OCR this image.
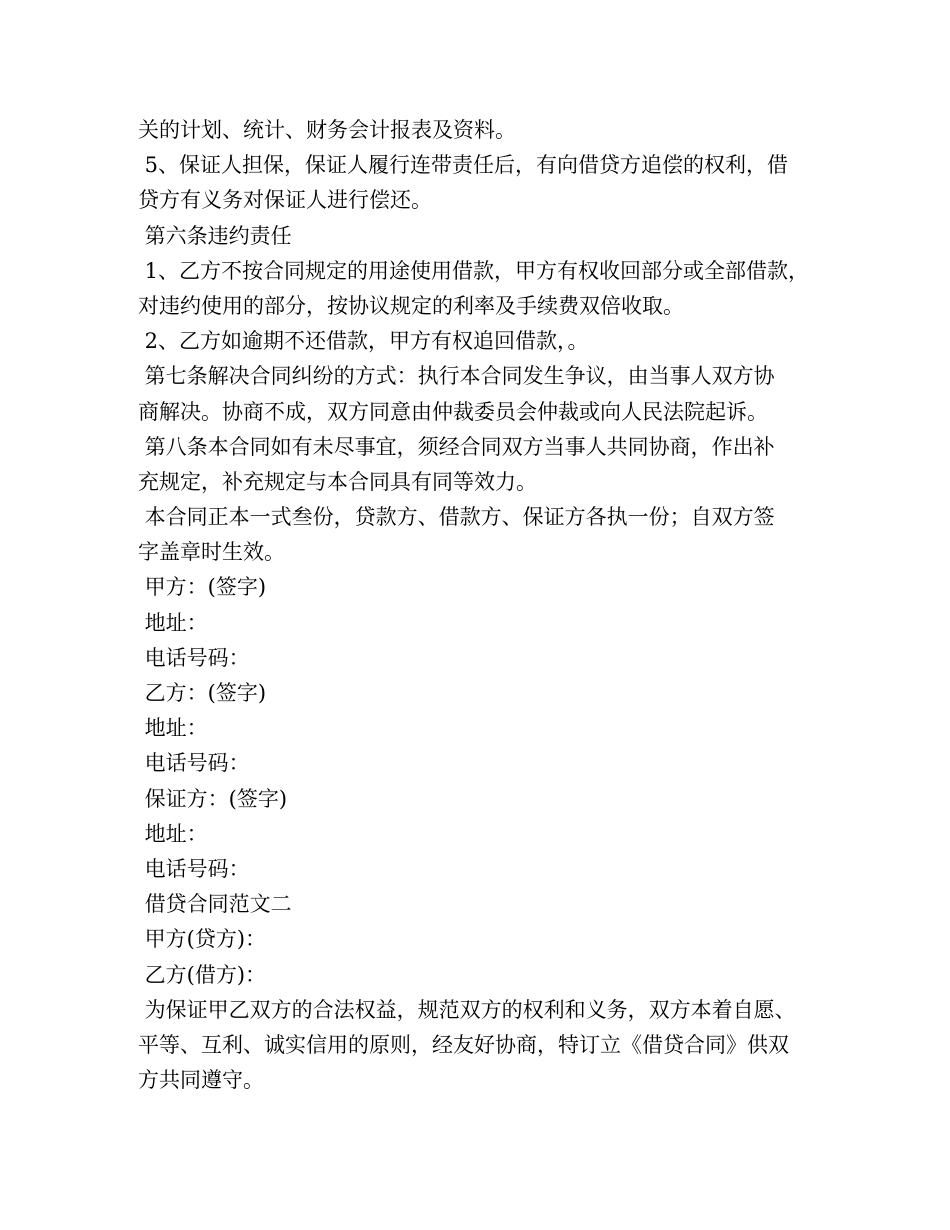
关的计划、统计、财务会计报表及资料。
5、保证人担保，保证人履行连带责任后，有向借贷方追偿的权利，借
贷方有义务对保证人进行偿还。
第六条违约责任
1、乙方不按合同规定的用途使用借款，甲方有权收回部分或全部借款，
对违约使用的部分，按协议规定的利率及手续费双倍收取。
2、乙方如逾期不还借款，甲方有权追回借款，。
第七条解决合同纠纷的方式：执行本合同发生争议，由当事人双方协
商解决。协商不成，双方同意由仲裁委员会仲裁或向人民法院起诉。
第八条本合同如有未尽事宜，须经合同双方当事人共同协商，作出补
充规定，补充规定与本合同具有同等效力。
本合同正本一式叁份，贷款方、借款方、保证方各执一份；自双方签
字盖章时生效。
甲方：(签字)
地址：
电话号码：
乙方：(签字)
地址：
电话号码：
保证方：(签字)
地址：
电话号码：
借贷合同范文二
甲方(贷方)：
乙方(借方)：
为保证甲乙双方的合法权益，规范双方的权利和义务，双方本着自愿、
平等、互利、诚实信用的原则，经友好协商，特订立《借贷合同》供双
方共同遵守。
